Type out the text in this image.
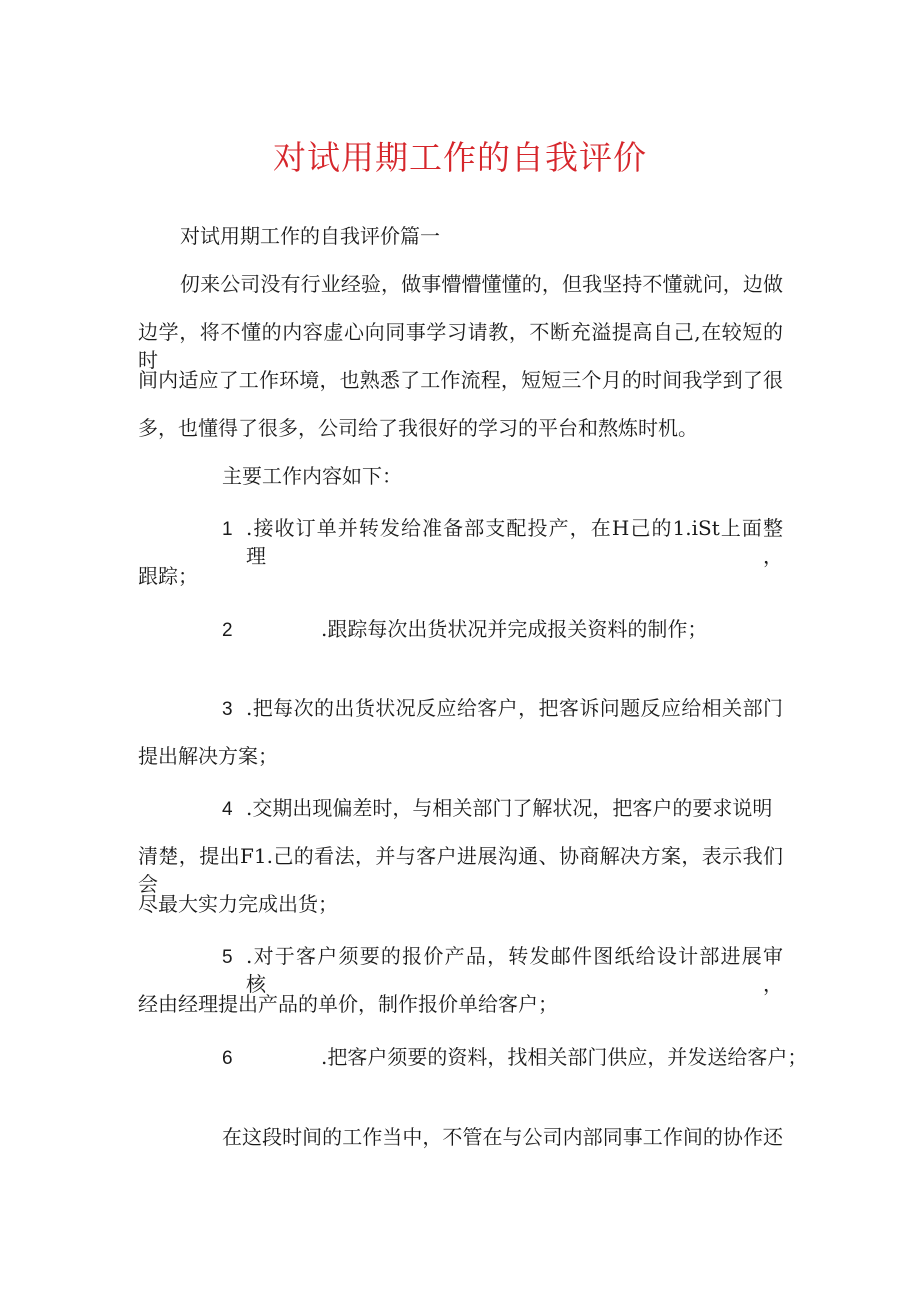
对试用期工作的自我评价
对试用期工作的自我评价篇一
仞来公司没有行业经验，做事懵懵懂懂的，但我坚持不懂就问，边做
边学，将不懂的内容虚心向同事学习请教，不断充溢提高自己,在较短的时
间内适应了工作环境，也熟悉了工作流程，短短三个月的时间我学到了很
多，也懂得了很多，公司给了我很好的学习的平台和熬炼时机。
主要工作内容如下：
1 .接收订单并转发给准备部支配投产，在H己的1.iSt上面整理，
跟踪；
2	.跟踪每次出货状况并完成报关资料的制作；
3 .把每次的出货状况反应给客户，把客诉问题反应给相关部门
提出解决方案；
4 .交期出现偏差时，与相关部门了解状况，把客户的要求说明
清楚，提出F1.己的看法，并与客户进展沟通、协商解决方案，表示我们会
尽最大实力完成出货；
5 .对于客户须要的报价产品，转发邮件图纸给设计部进展审核，
经由经理提出产品的单价，制作报价单给客户；
6	.把客户须要的资料，找相关部门供应，并发送给客户；
在这段时间的工作当中，不管在与公司内部同事工作间的协作还
